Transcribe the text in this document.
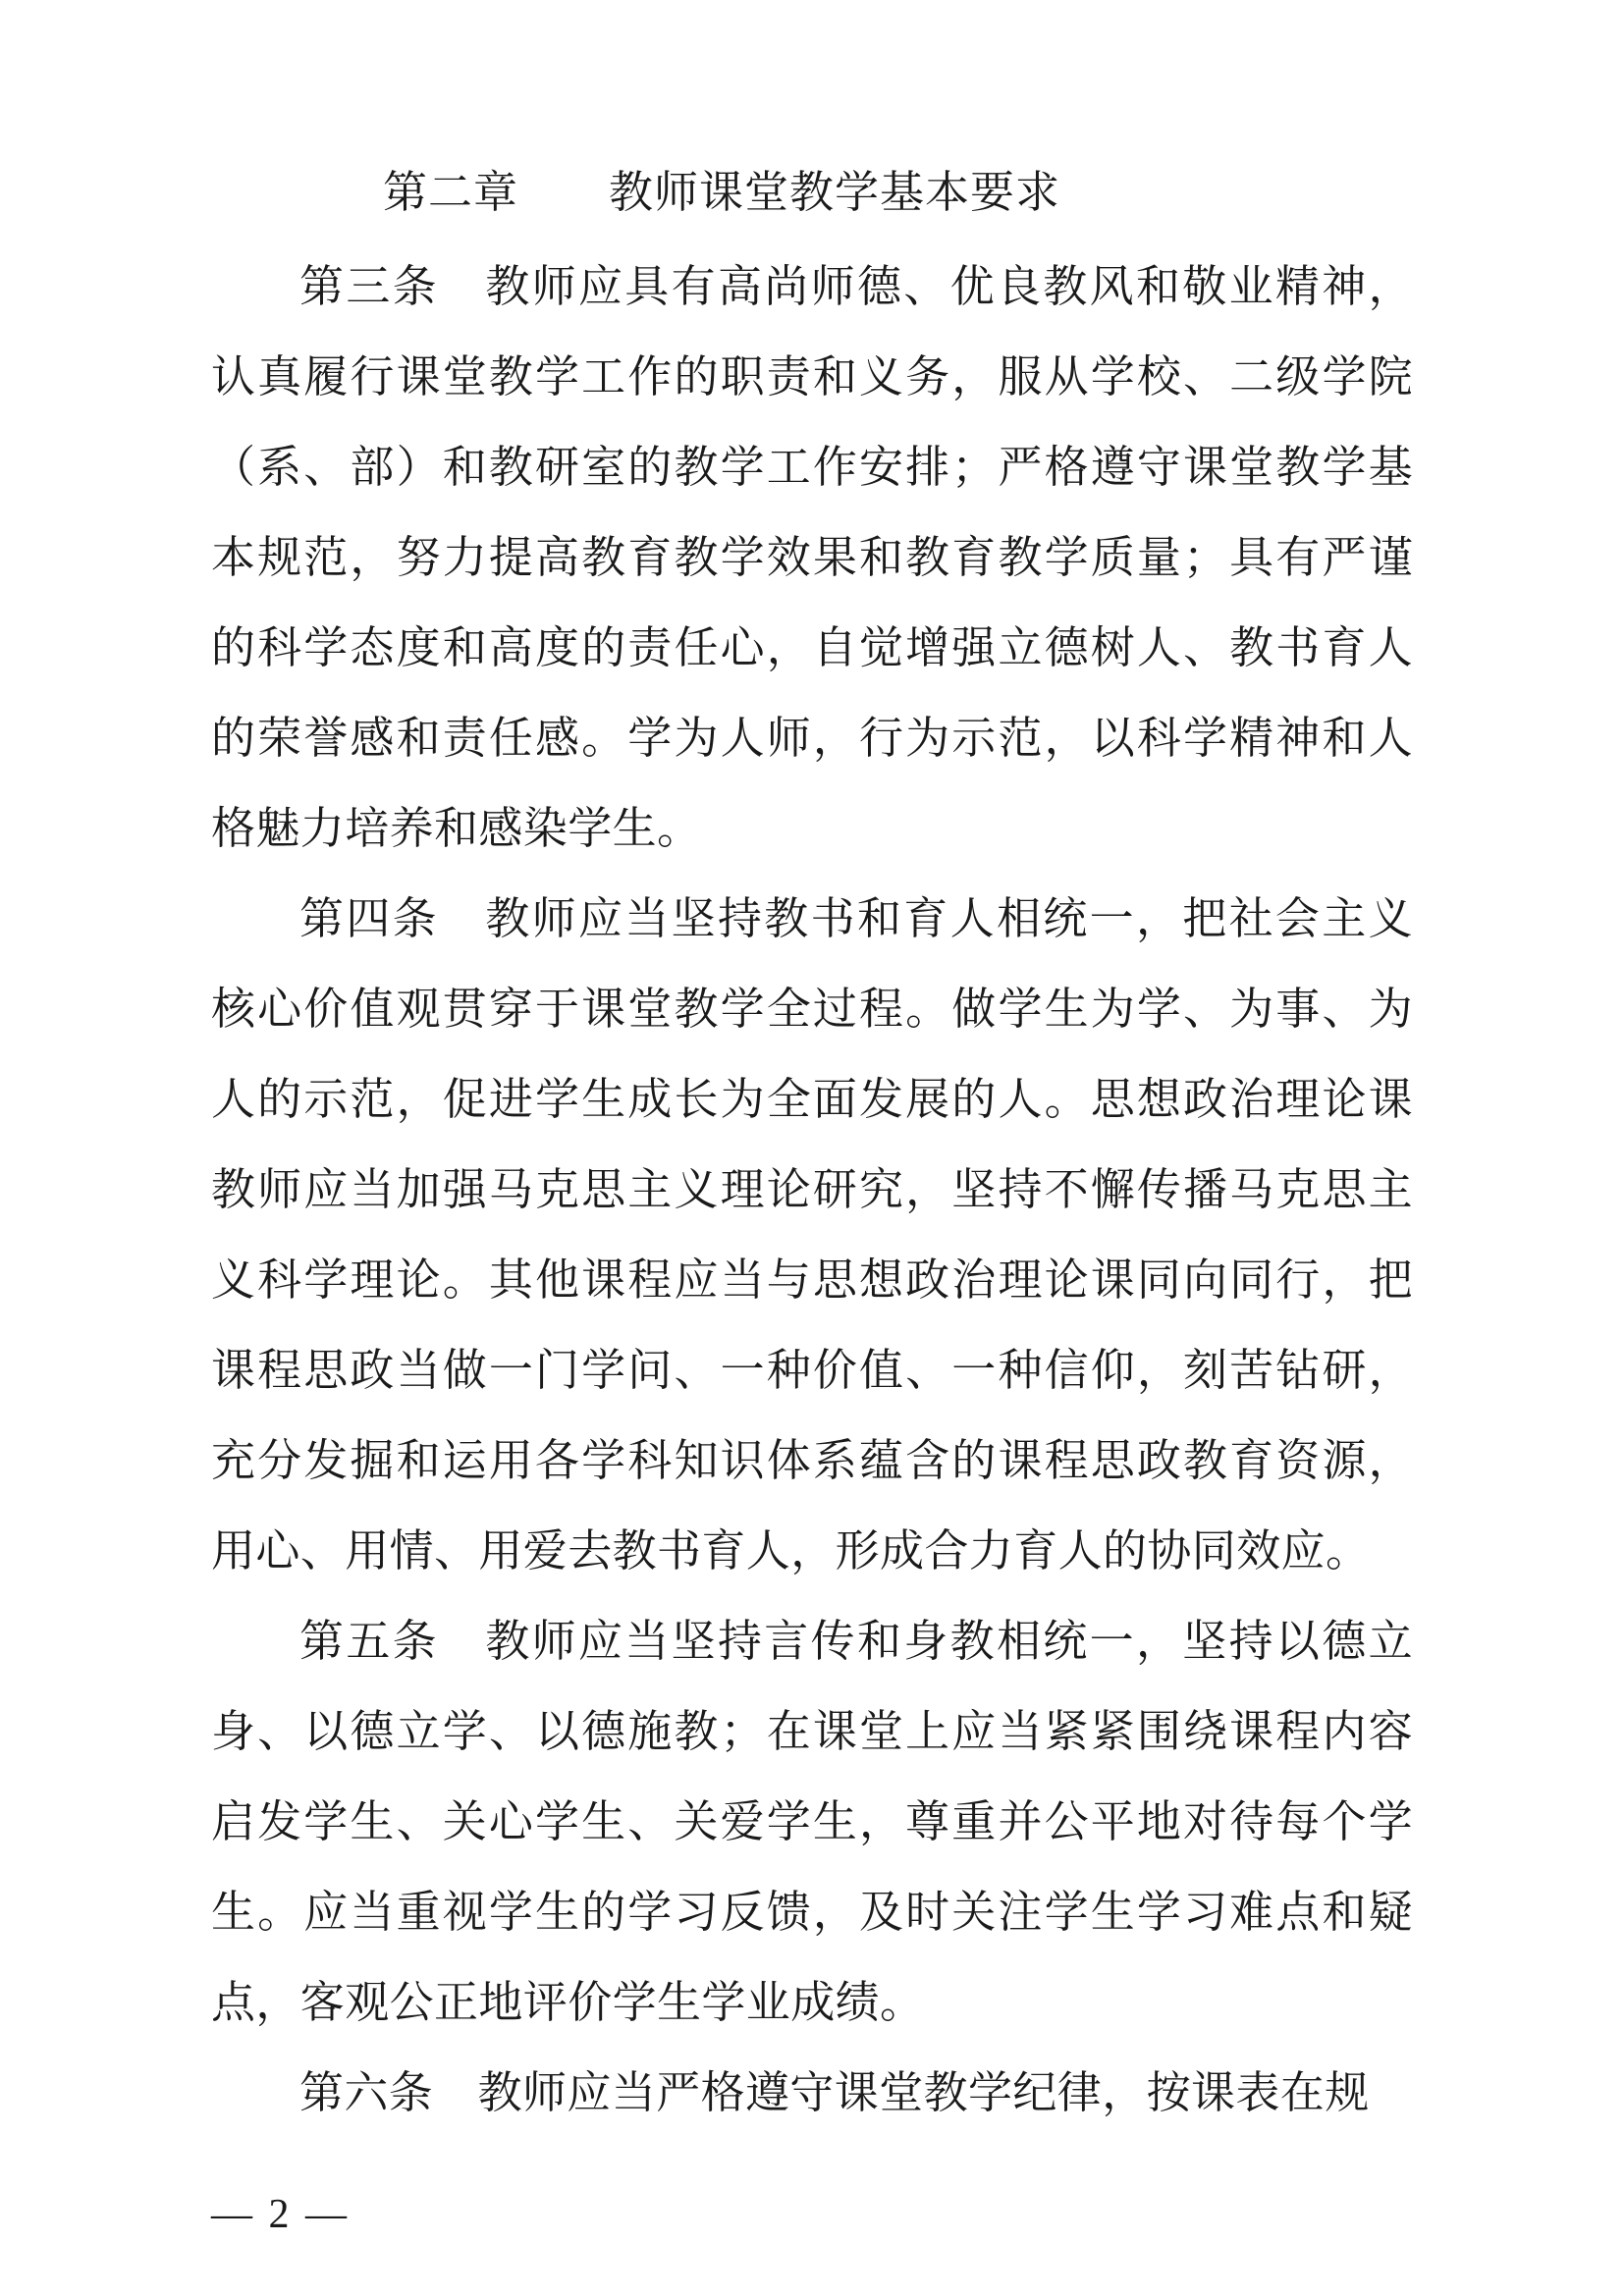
第二章　　教师课堂教学基本要求

第三条　教师应具有高尚师德、优良教风和敬业精神，认真履行课堂教学工作的职责和义务，服从学校、二级学院（系、部）和教研室的教学工作安排；严格遵守课堂教学基本规范，努力提高教育教学效果和教育教学质量；具有严谨的科学态度和高度的责任心，自觉增强立德树人、教书育人的荣誉感和责任感。学为人师，行为示范，以科学精神和人格魅力培养和感染学生。

第四条　教师应当坚持教书和育人相统一，把社会主义核心价值观贯穿于课堂教学全过程。做学生为学、为事、为人的示范，促进学生成长为全面发展的人。思想政治理论课教师应当加强马克思主义理论研究，坚持不懈传播马克思主义科学理论。其他课程应当与思想政治理论课同向同行，把课程思政当做一门学问、一种价值、一种信仰，刻苦钻研，充分发掘和运用各学科知识体系蕴含的课程思政教育资源，用心、用情、用爱去教书育人，形成合力育人的协同效应。

第五条　教师应当坚持言传和身教相统一，坚持以德立身、以德立学、以德施教；在课堂上应当紧紧围绕课程内容启发学生、关心学生、关爱学生，尊重并公平地对待每个学生。应当重视学生的学习反馈，及时关注学生学习难点和疑点，客观公正地评价学生学业成绩。

第六条　教师应当严格遵守课堂教学纪律，按课表在规

— 2 —
